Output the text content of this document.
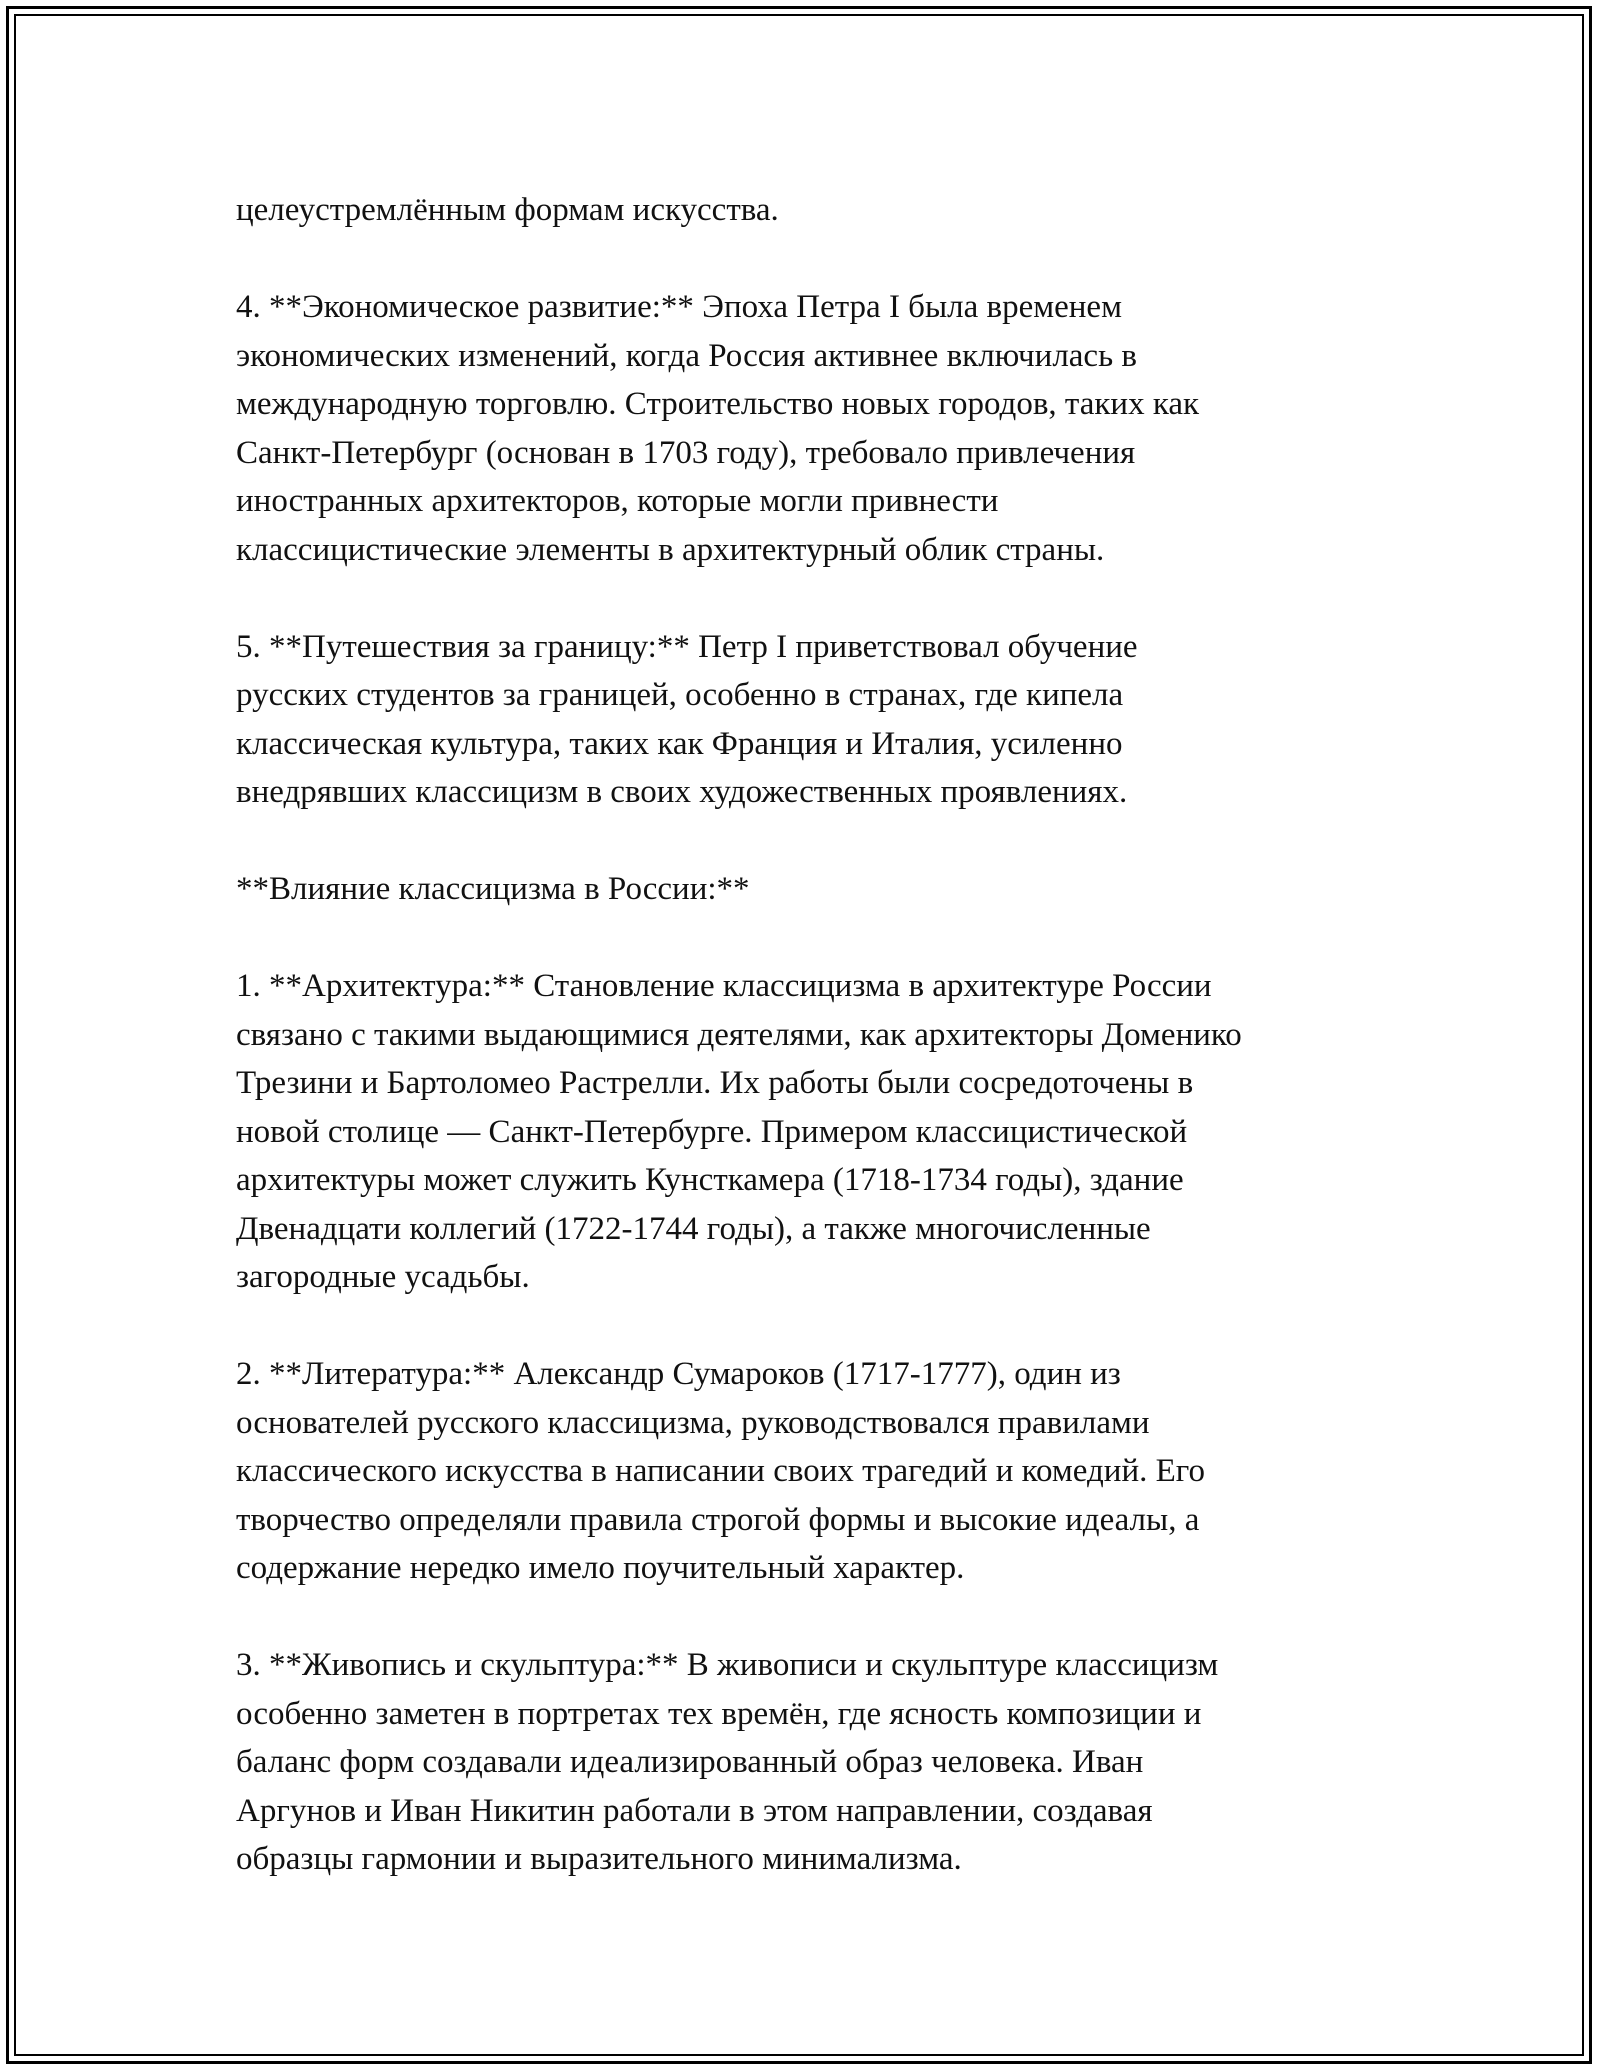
целеустремлённым формам искусства.

4. **Экономическое развитие:** Эпоха Петра I была временем
экономических изменений, когда Россия активнее включилась в
международную торговлю. Строительство новых городов, таких как
Санкт-Петербург (основан в 1703 году), требовало привлечения
иностранных архитекторов, которые могли привнести
классицистические элементы в архитектурный облик страны.

5. **Путешествия за границу:** Петр I приветствовал обучение
русских студентов за границей, особенно в странах, где кипела
классическая культура, таких как Франция и Италия, усиленно
внедрявших классицизм в своих художественных проявлениях.

**Влияние классицизма в России:**

1. **Архитектура:** Становление классицизма в архитектуре России
связано с такими выдающимися деятелями, как архитекторы Доменико
Трезини и Бартоломео Растрелли. Их работы были сосредоточены в
новой столице — Санкт-Петербурге. Примером классицистической
архитектуры может служить Кунсткамера (1718-1734 годы), здание
Двенадцати коллегий (1722-1744 годы), а также многочисленные
загородные усадьбы.

2. **Литература:** Александр Сумароков (1717-1777), один из
основателей русского классицизма, руководствовался правилами
классического искусства в написании своих трагедий и комедий. Его
творчество определяли правила строгой формы и высокие идеалы, а
содержание нередко имело поучительный характер.

3. **Живопись и скульптура:** В живописи и скульптуре классицизм
особенно заметен в портретах тех времён, где ясность композиции и
баланс форм создавали идеализированный образ человека. Иван
Аргунов и Иван Никитин работали в этом направлении, создавая
образцы гармонии и выразительного минимализма.
